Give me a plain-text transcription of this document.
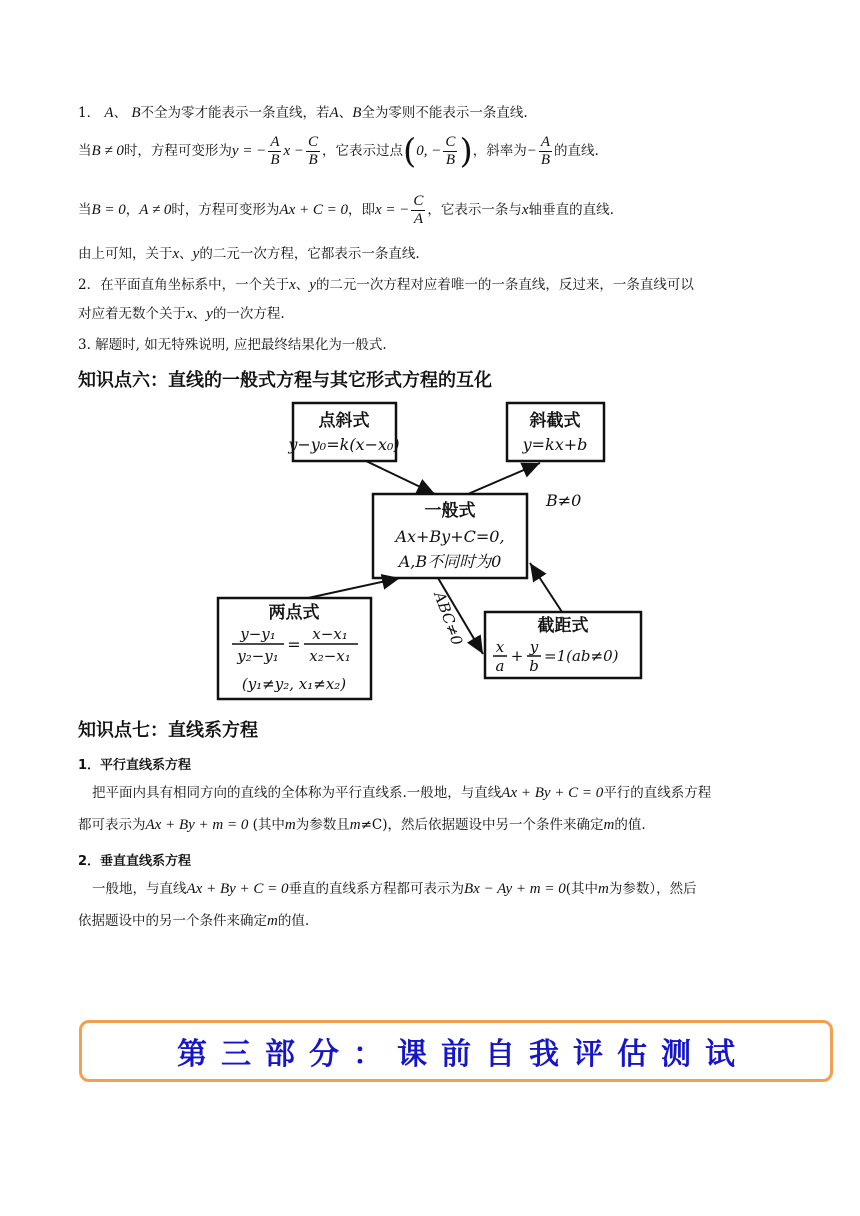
1． A、 B不全为零才能表示一条直线，若A、B全为零则不能表示一条直线.
当B ≠ 0时，方程可变形为y = − $\frac{A}{B}$ $x - \frac{C}{B}$ ，它表示过点(0, − $\frac{C}{B}$ )，斜率为− $\frac{A}{B}$ 的直线.
当B = 0，A ≠ 0时，方程可变形为Ax + C = 0，即x = − $\frac{C}{A}$ ，它表示一条与x轴垂直的直线.
由上可知，关于x、y的二元一次方程，它都表示一条直线.
2．在平面直角坐标系中，一个关于x、y的二元一次方程对应着唯一的一条直线，反过来，一条直线可以
对应着无数个关于x、y的一次方程.
3. 解题时, 如无特殊说明, 应把最终结果化为一般式.
知识点六：直线的一般式方程与其它形式方程的互化
点斜式
y−y₀=k(x−x₀)
斜截式
y=kx+b
一般式
Ax+By+C=0,
A,B不同时为0
两点式
y−y₁
y₂−y₁
=
x−x₁
x₂−x₁
(y₁≠y₂, x₁≠x₂)
截距式
x
a
+ y
b
=1(ab≠0)
B≠0
ABC≠0
知识点七：直线系方程
1．平行直线系方程
把平面内具有相同方向的直线的全体称为平行直线系.一般地，与直线Ax + By + C = 0平行的直线系方程
都可表示为Ax + By + m = 0 (其中m为参数且m≠C)，然后依据题设中另一个条件来确定m的值.
2．垂直直线系方程
一般地，与直线Ax + By + C = 0垂直的直线系方程都可表示为Bx − Ay + m = 0(其中m为参数），然后
依据题设中的另一个条件来确定m的值.
第三部分：课前自我评估测试
